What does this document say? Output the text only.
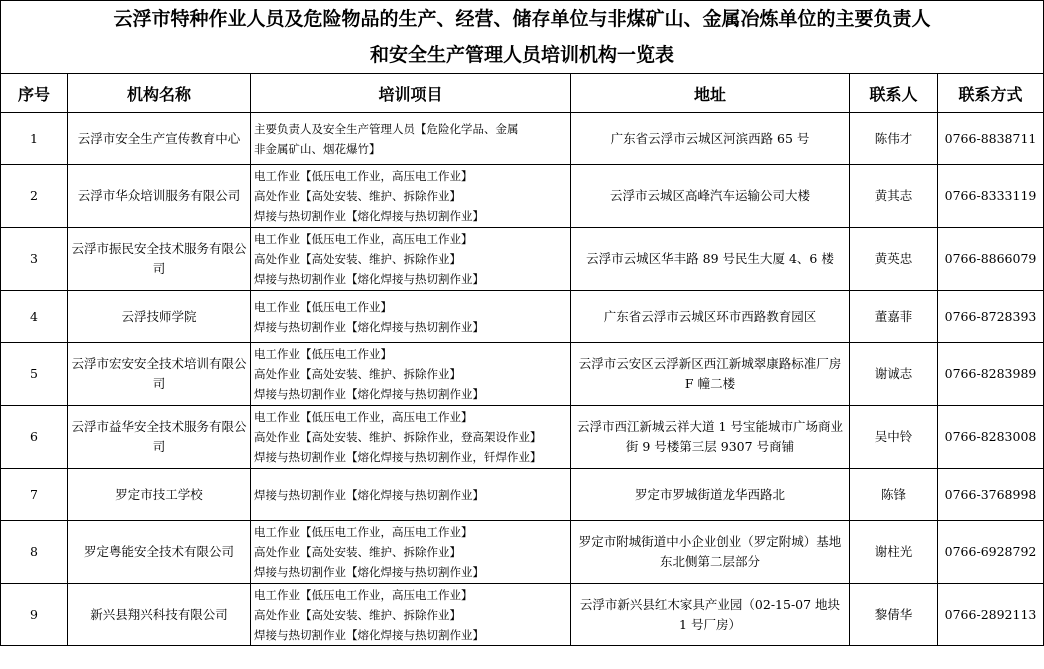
云浮市特种作业人员及危险物品的生产、经营、储存单位与非煤矿山、金属冶炼单位的主要负责人
和安全生产管理人员培训机构一览表					

序号	机构名称	培训项目	地址	联系人	联系方式
1	云浮市安全生产宣传教育中心	主要负责人及安全生产管理人员【危险化学品、金属
非金属矿山、烟花爆竹】	广东省云浮市云城区河滨西路 65 号	陈伟才	0766-8838711
2	云浮市华众培训服务有限公司	电工作业【低压电工作业，高压电工作业】
高处作业【高处安装、维护、拆除作业】
焊接与热切割作业【熔化焊接与热切割作业】	云浮市云城区高峰汽车运输公司大楼	黄其志	0766-8333119
3	云浮市振民安全技术服务有限公司	电工作业【低压电工作业，高压电工作业】
高处作业【高处安装、维护、拆除作业】
焊接与热切割作业【熔化焊接与热切割作业】	云浮市云城区华丰路 89 号民生大厦 4、6 楼	黄英忠	0766-8866079
4	云浮技师学院	电工作业【低压电工作业】
焊接与热切割作业【熔化焊接与热切割作业】	广东省云浮市云城区环市西路教育园区	董嘉菲	0766-8728393
5	云浮市宏安安全技术培训有限公司	电工作业【低压电工作业】
高处作业【高处安装、维护、拆除作业】
焊接与热切割作业【熔化焊接与热切割作业】	云浮市云安区云浮新区西江新城翠康路标准厂房 F 幢二楼	谢诚志	0766-8283989
6	云浮市益华安全技术服务有限公司	电工作业【低压电工作业，高压电工作业】
高处作业【高处安装、维护、拆除作业，登高架设作业】
焊接与热切割作业【熔化焊接与热切割作业，钎焊作业】	云浮市西江新城云祥大道 1 号宝能城市广场商业街 9 号楼第三层 9307 号商铺	吴中铃	0766-8283008
7	罗定市技工学校	焊接与热切割作业【熔化焊接与热切割作业】	罗定市罗城街道龙华西路北	陈锋	0766-3768998
8	罗定粤能安全技术有限公司	电工作业【低压电工作业，高压电工作业】
高处作业【高处安装、维护、拆除作业】
焊接与热切割作业【熔化焊接与热切割作业】	罗定市附城街道中小企业创业（罗定附城）基地东北侧第二层部分	谢柱光	0766-6928792
9	新兴县翔兴科技有限公司	电工作业【低压电工作业，高压电工作业】
高处作业【高处安装、维护、拆除作业】
焊接与热切割作业【熔化焊接与热切割作业】	云浮市新兴县红木家具产业园（02-15-07 地块 1 号厂房）	黎倩华	0766-2892113
